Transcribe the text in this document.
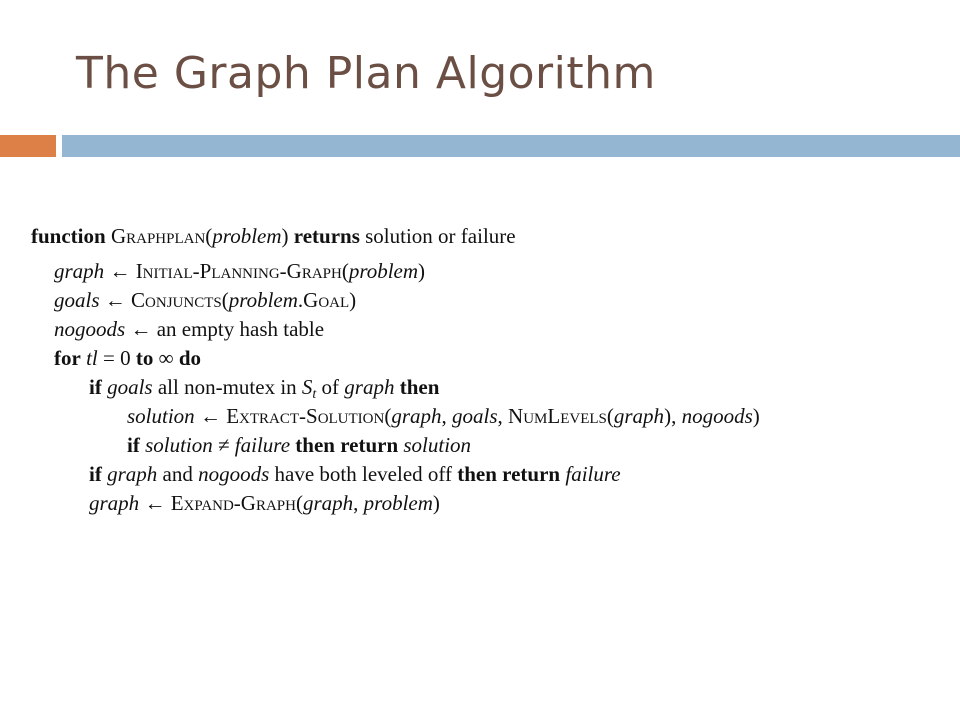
The Graph Plan Algorithm
function Graphplan(problem) returns solution or failure
graph ← Initial-Planning-Graph(problem)
goals ← Conjuncts(problem.Goal)
nogoods ← an empty hash table
for tl = 0 to ∞ do
if goals all non-mutex in $S_t$ of graph then
solution ← Extract-Solution(graph, goals, NumLevels(graph), nogoods)
if solution ≠ failure then return solution
if graph and nogoods have both leveled off then return failure
graph ← Expand-Graph(graph, problem)
